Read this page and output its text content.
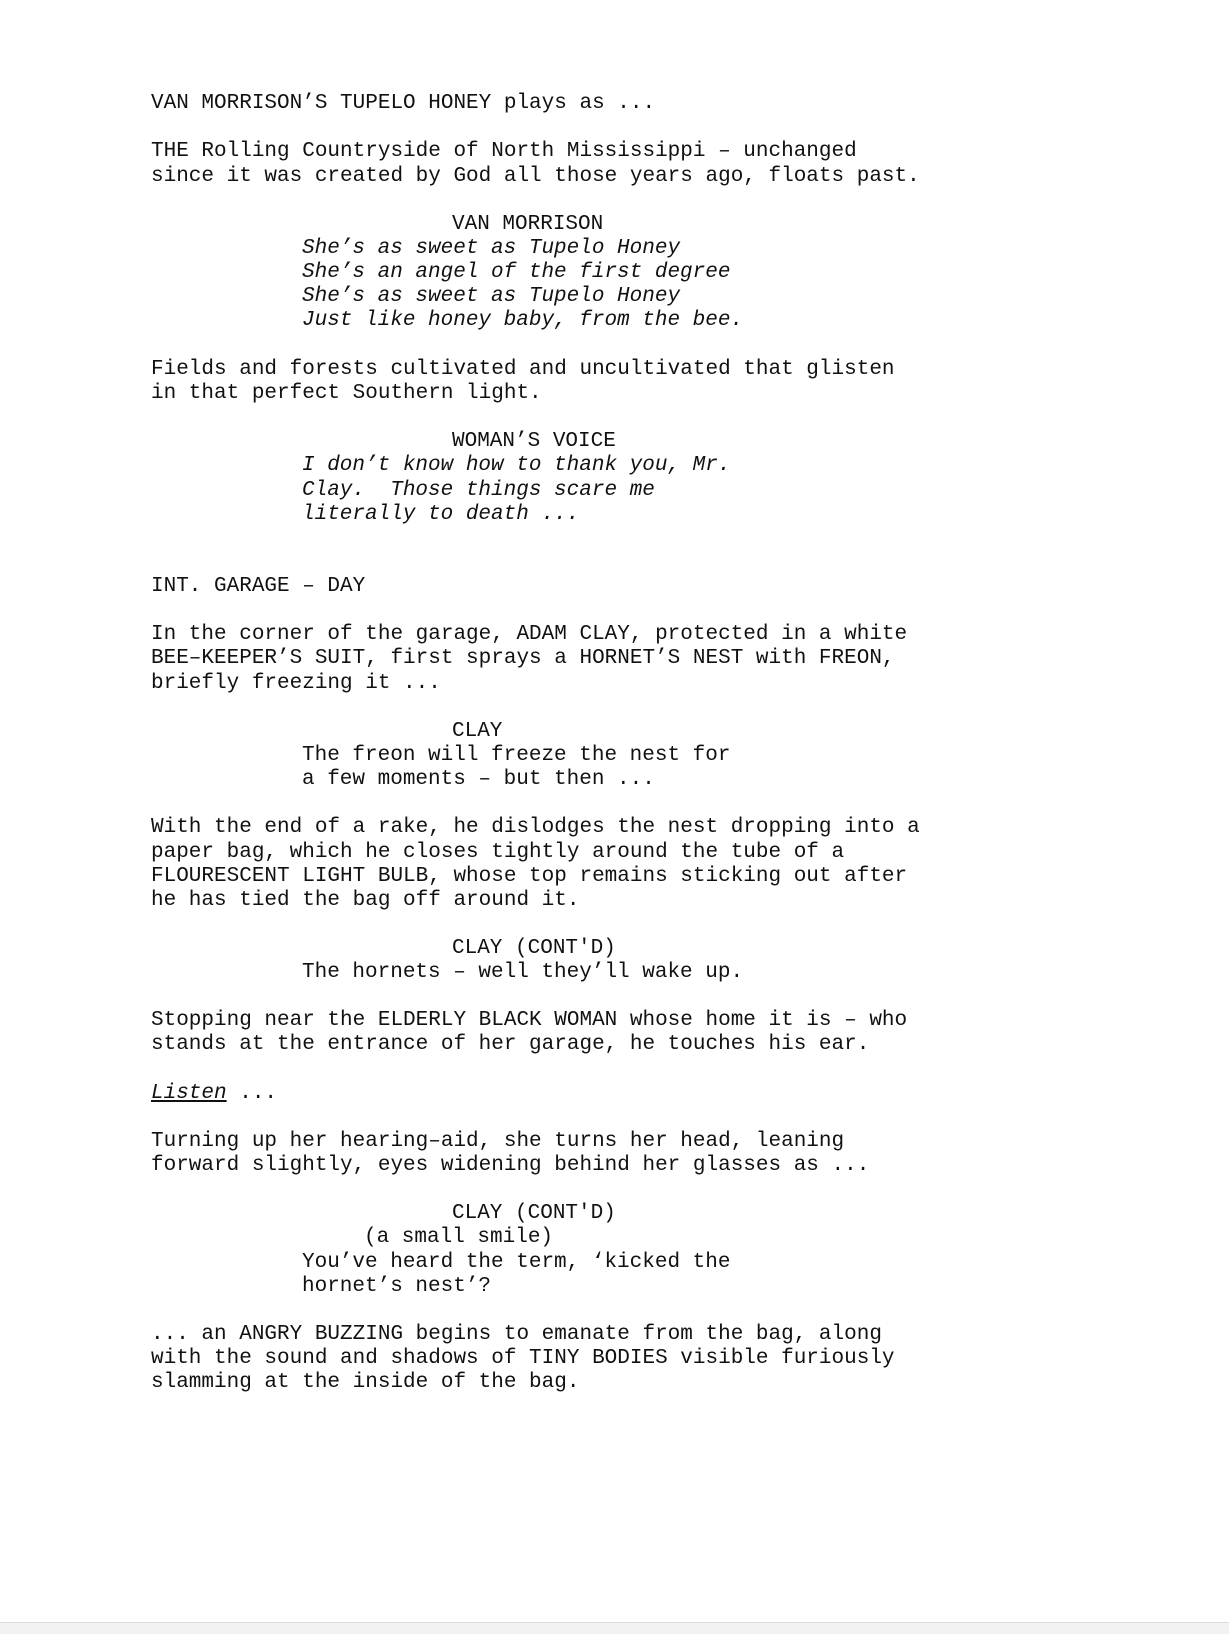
VAN MORRISON’S TUPELO HONEY plays as ...

THE Rolling Countryside of North Mississippi – unchanged

since it was created by God all those years ago, floats past.

VAN MORRISON

She’s as sweet as Tupelo Honey

She’s an angel of the first degree

She’s as sweet as Tupelo Honey

Just like honey baby, from the bee.

Fields and forests cultivated and uncultivated that glisten

in that perfect Southern light.

WOMAN’S VOICE

I don’t know how to thank you, Mr.

Clay.  Those things scare me

literally to death ...

INT. GARAGE – DAY

In the corner of the garage, ADAM CLAY, protected in a white

BEE–KEEPER’S SUIT, first sprays a HORNET’S NEST with FREON,

briefly freezing it ...

CLAY

The freon will freeze the nest for

a few moments – but then ...

With the end of a rake, he dislodges the nest dropping into a

paper bag, which he closes tightly around the tube of a

FLOURESCENT LIGHT BULB, whose top remains sticking out after

he has tied the bag off around it.

CLAY (CONT'D)

The hornets – well they’ll wake up.

Stopping near the ELDERLY BLACK WOMAN whose home it is – who

stands at the entrance of her garage, he touches his ear.

Listen ...

Turning up her hearing–aid, she turns her head, leaning

forward slightly, eyes widening behind her glasses as ...

CLAY (CONT'D)

(a small smile)

You’ve heard the term, ‘kicked the

hornet’s nest’?

... an ANGRY BUZZING begins to emanate from the bag, along

with the sound and shadows of TINY BODIES visible furiously

slamming at the inside of the bag.
